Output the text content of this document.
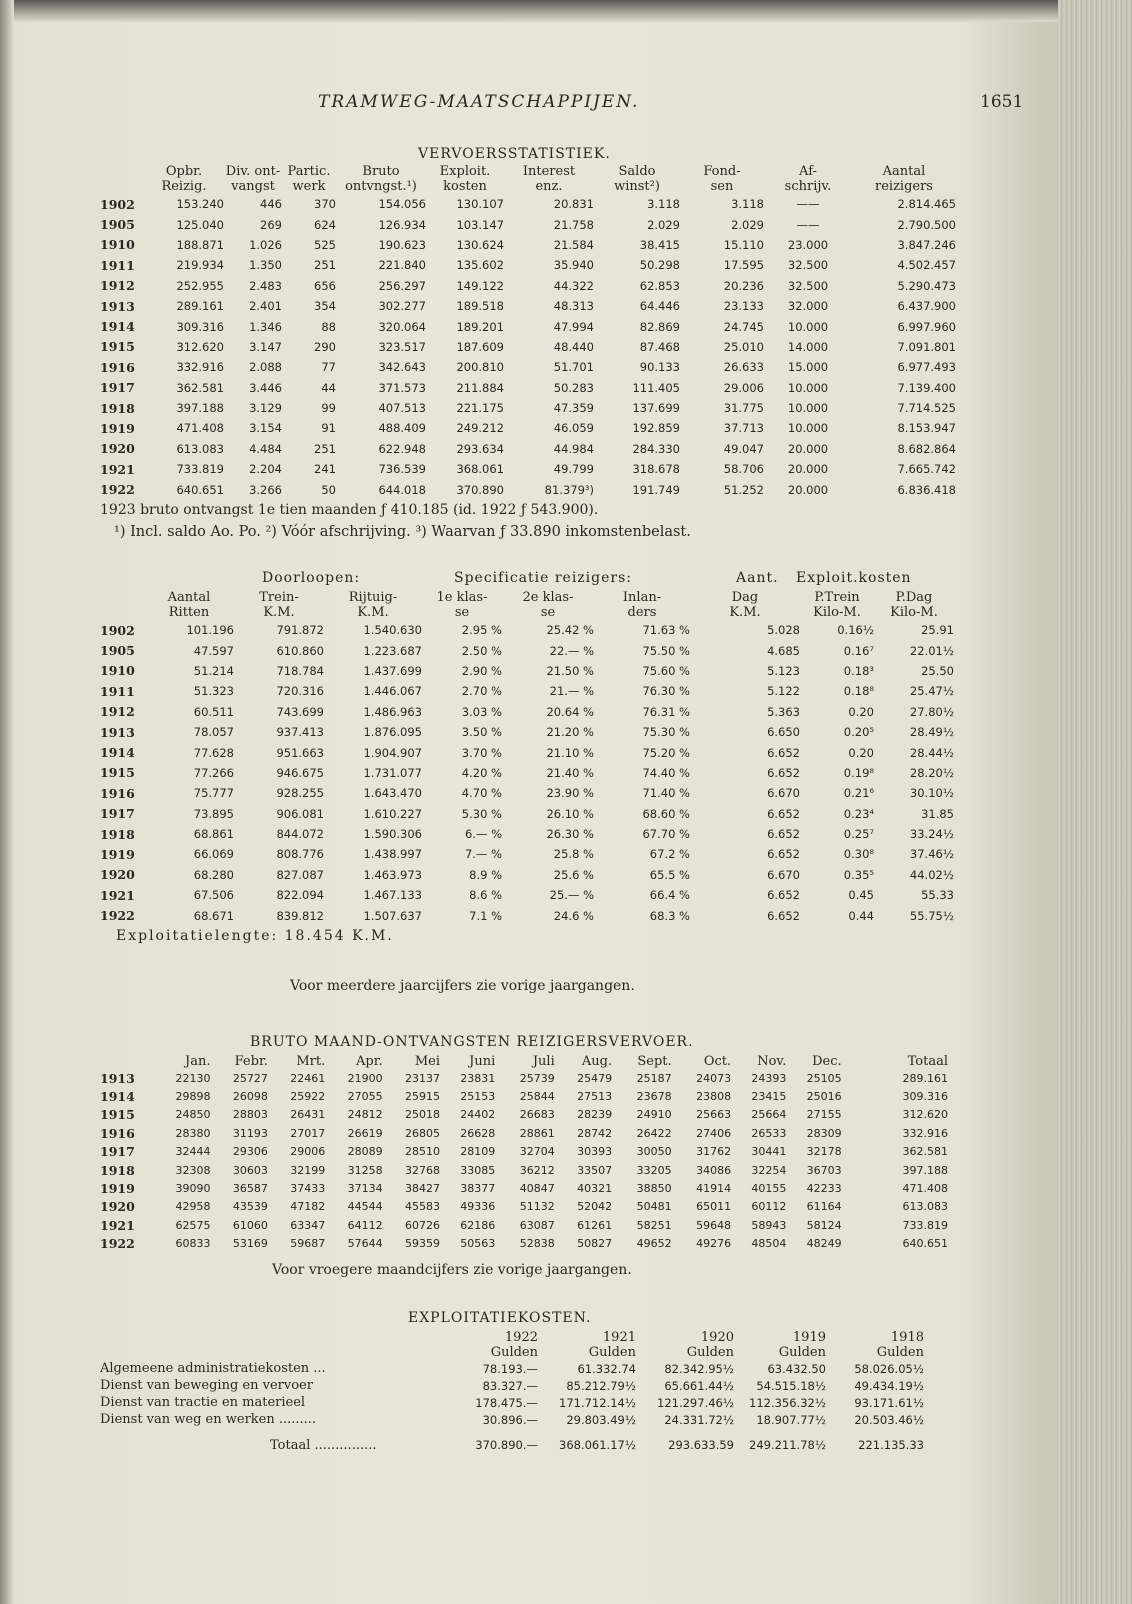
TRAMWEG-MAATSCHAPPIJEN.	1651
VERVOERSSTATISTIEK.
	Opbr.	Div. ont-	Partic.	Bruto	Exploit.	Interest	Saldo	Fond-	Af-	Aantal
	Reizig.	vangst	werk	ontvngst.¹)	kosten	enz.	winst²)	sen	schrijv.	reizigers
1902	153.240	446	370	154.056	130.107	20.831	3.118	3.118	——	2.814.465
1905	125.040	269	624	126.934	103.147	21.758	2.029	2.029	——	2.790.500
1910	188.871	1.026	525	190.623	130.624	21.584	38.415	15.110	23.000	3.847.246
1911	219.934	1.350	251	221.840	135.602	35.940	50.298	17.595	32.500	4.502.457
1912	252.955	2.483	656	256.297	149.122	44.322	62.853	20.236	32.500	5.290.473
1913	289.161	2.401	354	302.277	189.518	48.313	64.446	23.133	32.000	6.437.900
1914	309.316	1.346	88	320.064	189.201	47.994	82.869	24.745	10.000	6.997.960
1915	312.620	3.147	290	323.517	187.609	48.440	87.468	25.010	14.000	7.091.801
1916	332.916	2.088	77	342.643	200.810	51.701	90.133	26.633	15.000	6.977.493
1917	362.581	3.446	44	371.573	211.884	50.283	111.405	29.006	10.000	7.139.400
1918	397.188	3.129	99	407.513	221.175	47.359	137.699	31.775	10.000	7.714.525
1919	471.408	3.154	91	488.409	249.212	46.059	192.859	37.713	10.000	8.153.947
1920	613.083	4.484	251	622.948	293.634	44.984	284.330	49.047	20.000	8.682.864
1921	733.819	2.204	241	736.539	368.061	49.799	318.678	58.706	20.000	7.665.742
1922	640.651	3.266	50	644.018	370.890	81.379³)	191.749	51.252	20.000	6.836.418
1923 bruto ontvangst 1e tien maanden ƒ 410.185 (id. 1922 ƒ 543.900).
¹) Incl. saldo Ao. Po. ²) Vóór afschrijving. ³) Waarvan ƒ 33.890 inkomstenbelast.
Doorloopen:	Specificatie reizigers:	Aant. Exploit.kosten
	Aantal	Trein-	Rijtuig-	1e klas-	2e klas-	Inlan-	Dag	P.Trein	P.Dag
	Ritten	K.M.	K.M.	se	se	ders	K.M.	Kilo-M.	Kilo-M.
1902	101.196	791.872	1.540.630	2.95 %	25.42 %	71.63 %	5.028	0.16½	25.91
1905	47.597	610.860	1.223.687	2.50 %	22.— %	75.50 %	4.685	0.16⁷	22.01½
1910	51.214	718.784	1.437.699	2.90 %	21.50 %	75.60 %	5.123	0.18³	25.50
1911	51.323	720.316	1.446.067	2.70 %	21.— %	76.30 %	5.122	0.18⁸	25.47½
1912	60.511	743.699	1.486.963	3.03 %	20.64 %	76.31 %	5.363	0.20	27.80½
1913	78.057	937.413	1.876.095	3.50 %	21.20 %	75.30 %	6.650	0.20⁵	28.49½
1914	77.628	951.663	1.904.907	3.70 %	21.10 %	75.20 %	6.652	0.20	28.44½
1915	77.266	946.675	1.731.077	4.20 %	21.40 %	74.40 %	6.652	0.19⁸	28.20½
1916	75.777	928.255	1.643.470	4.70 %	23.90 %	71.40 %	6.670	0.21⁶	30.10½
1917	73.895	906.081	1.610.227	5.30 %	26.10 %	68.60 %	6.652	0.23⁴	31.85
1918	68.861	844.072	1.590.306	6.— %	26.30 %	67.70 %	6.652	0.25⁷	33.24½
1919	66.069	808.776	1.438.997	7.— %	25.8 %	67.2 %	6.652	0.30⁸	37.46½
1920	68.280	827.087	1.463.973	8.9 %	25.6 %	65.5 %	6.670	0.35⁵	44.02½
1921	67.506	822.094	1.467.133	8.6 %	25.— %	66.4 %	6.652	0.45	55.33
1922	68.671	839.812	1.507.637	7.1 %	24.6 %	68.3 %	6.652	0.44	55.75½
Exploitatielengte: 18.454 K.M.
Voor meerdere jaarcijfers zie vorige jaargangen.
BRUTO MAAND-ONTVANGSTEN REIZIGERSVERVOER.
	Jan.	Febr.	Mrt.	Apr.	Mei	Juni	Juli	Aug.	Sept.	Oct.	Nov.	Dec.	Totaal
1913	22130	25727	22461	21900	23137	23831	25739	25479	25187	24073	24393	25105	289.161
1914	29898	26098	25922	27055	25915	25153	25844	27513	23678	23808	23415	25016	309.316
1915	24850	28803	26431	24812	25018	24402	26683	28239	24910	25663	25664	27155	312.620
1916	28380	31193	27017	26619	26805	26628	28861	28742	26422	27406	26533	28309	332.916
1917	32444	29306	29006	28089	28510	28109	32704	30393	30050	31762	30441	32178	362.581
1918	32308	30603	32199	31258	32768	33085	36212	33507	33205	34086	32254	36703	397.188
1919	39090	36587	37433	37134	38427	38377	40847	40321	38850	41914	40155	42233	471.408
1920	42958	43539	47182	44544	45583	49336	51132	52042	50481	65011	60112	61164	613.083
1921	62575	61060	63347	64112	60726	62186	63087	61261	58251	59648	58943	58124	733.819
1922	60833	53169	59687	57644	59359	50563	52838	50827	49652	49276	48504	48249	640.651
Voor vroegere maandcijfers zie vorige jaargangen.
EXPLOITATIEKOSTEN.
	1922	1921	1920	1919	1918
	Gulden	Gulden	Gulden	Gulden	Gulden
Algemeene administratiekosten ...	78.193.—	61.332.74	82.342.95½	63.432.50	58.026.05½
Dienst van beweging en vervoer	83.327.—	85.212.79½	65.661.44½	54.515.18½	49.434.19½
Dienst van tractie en materieel	178.475.—	171.712.14½	121.297.46½	112.356.32½	93.171.61½
Dienst van weg en werken .........	30.896.—	29.803.49½	24.331.72½	18.907.77½	20.503.46½
Totaal ...............	370.890.—	368.061.17½	293.633.59	249.211.78½	221.135.33
